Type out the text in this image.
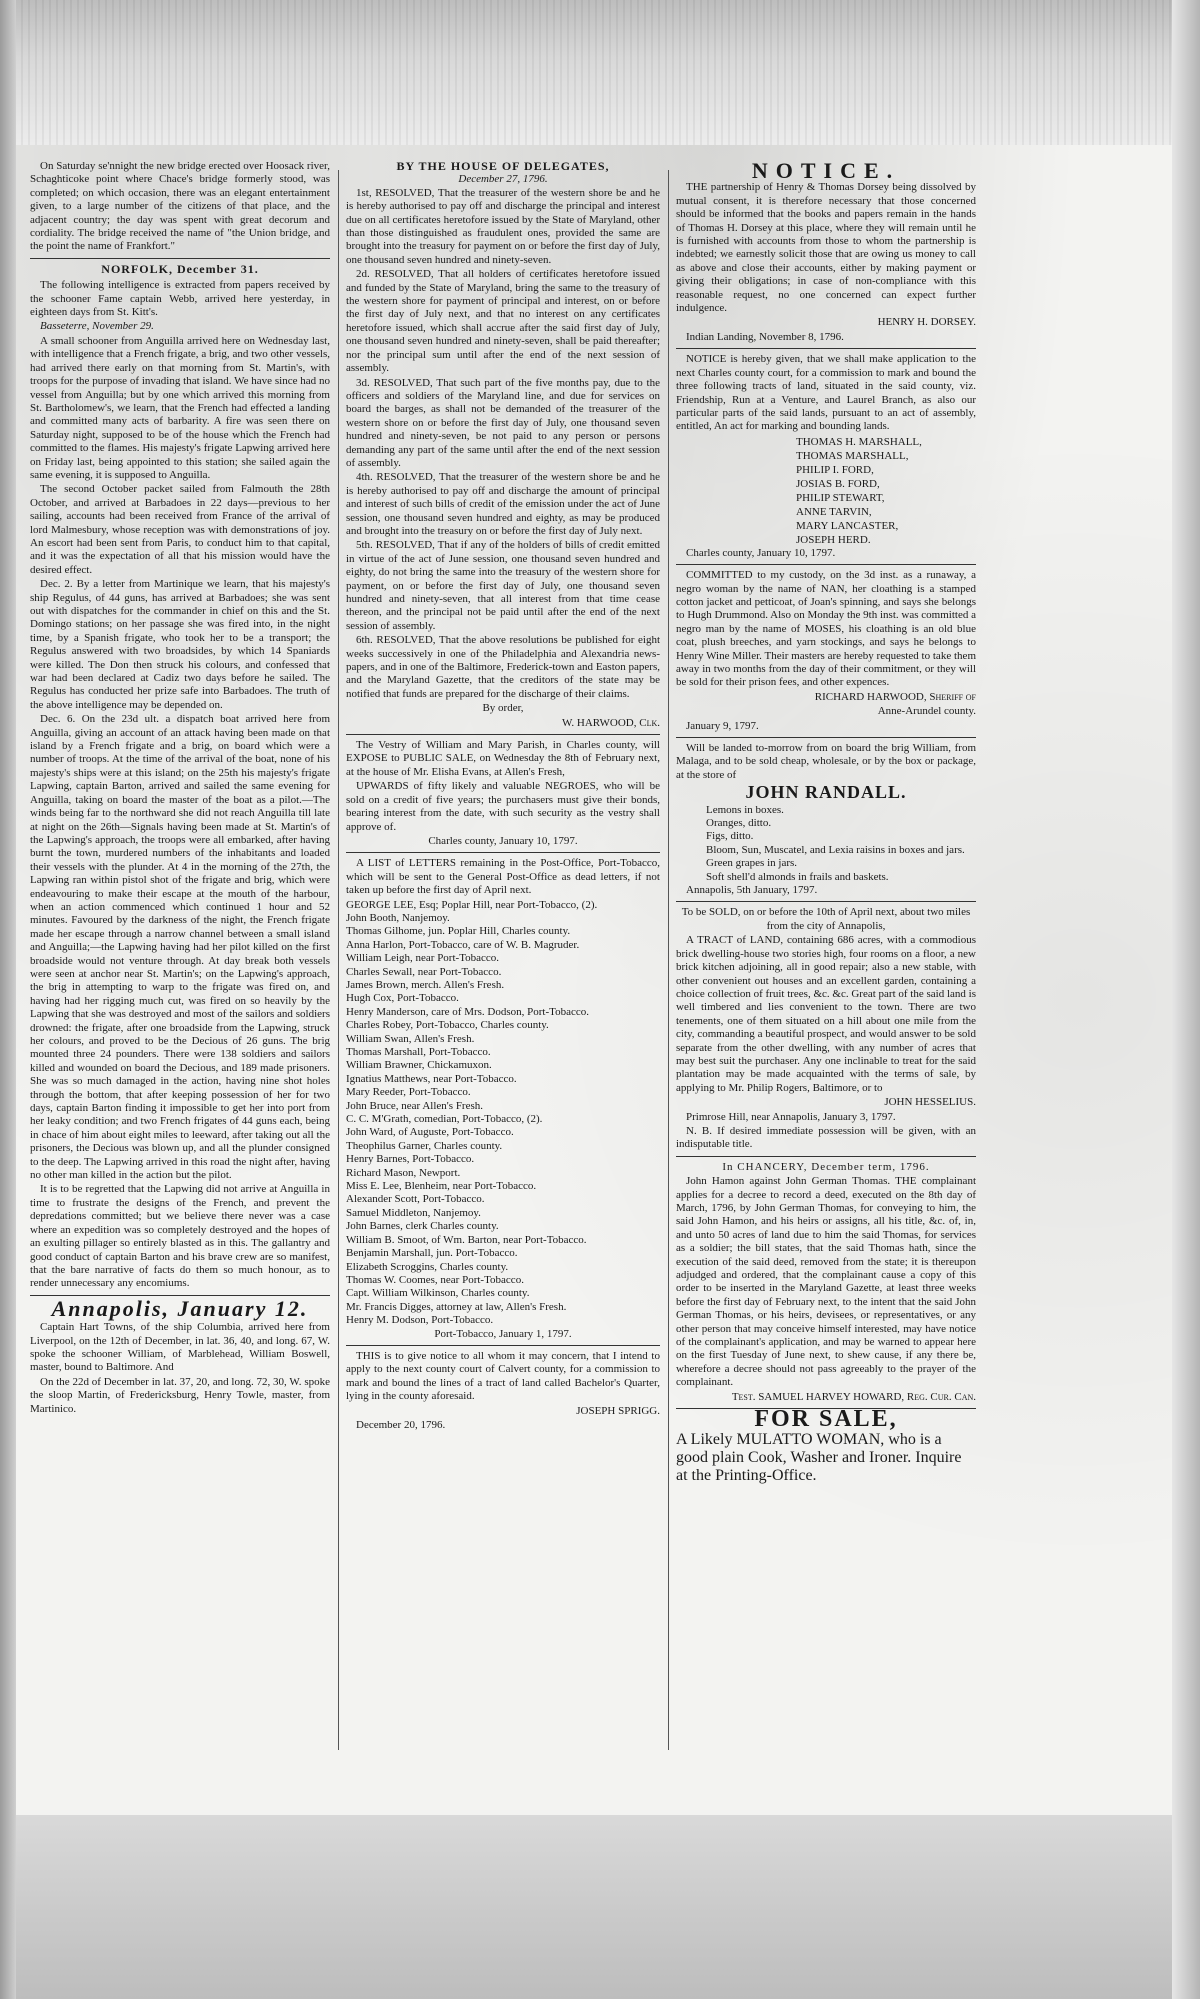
On Saturday se'nnight the new bridge erected over Hoosack river, Schaghticoke point where Chace's bridge formerly stood, was completed; on which occasion, there was an elegant entertainment given, to a large number of the citizens of that place, and the adjacent country; the day was spent with great decorum and cordiality. The bridge received the name of "the Union bridge, and the point the name of Frankfort."

NORFOLK, December 31.

The following intelligence is extracted from papers received by the schooner Fame captain Webb, arrived here yesterday, in eighteen days from St. Kitt's.

Basseterre, November 29.

A small schooner from Anguilla arrived here on Wednesday last, with intelligence that a French frigate, a brig, and two other vessels, had arrived there early on that morning from St. Martin's, with troops for the purpose of invading that island. We have since had no vessel from Anguilla; but by one which arrived this morning from St. Bartholomew's, we learn, that the French had effected a landing and committed many acts of barbarity. A fire was seen there on Saturday night, supposed to be of the house which the French had committed to the flames. His majesty's frigate Lapwing arrived here on Friday last, being appointed to this station; she sailed again the same evening, it is supposed to Anguilla.

The second October packet sailed from Falmouth the 28th October, and arrived at Barbadoes in 22 days—previous to her sailing, accounts had been received from France of the arrival of lord Malmesbury, whose reception was with demonstrations of joy. An escort had been sent from Paris, to conduct him to that capital, and it was the expectation of all that his mission would have the desired effect.

Dec. 2. By a letter from Martinique we learn, that his majesty's ship Regulus, of 44 guns, has arrived at Barbadoes; she was sent out with dispatches for the commander in chief on this and the St. Domingo stations; on her passage she was fired into, in the night time, by a Spanish frigate, who took her to be a transport; the Regulus answered with two broadsides, by which 14 Spaniards were killed. The Don then struck his colours, and confessed that war had been declared at Cadiz two days before he sailed. The Regulus has conducted her prize safe into Barbadoes. The truth of the above intelligence may be depended on.

Dec. 6. On the 23d ult. a dispatch boat arrived here from Anguilla, giving an account of an attack having been made on that island by a French frigate and a brig, on board which were a number of troops. At the time of the arrival of the boat, none of his majesty's ships were at this island; on the 25th his majesty's frigate Lapwing, captain Barton, arrived and sailed the same evening for Anguilla, taking on board the master of the boat as a pilot.—The winds being far to the northward she did not reach Anguilla till late at night on the 26th—Signals having been made at St. Martin's of the Lapwing's approach, the troops were all embarked, after having burnt the town, murdered numbers of the inhabitants and loaded their vessels with the plunder. At 4 in the morning of the 27th, the Lapwing ran within pistol shot of the frigate and brig, which were endeavouring to make their escape at the mouth of the harbour, when an action commenced which continued 1 hour and 52 minutes. Favoured by the darkness of the night, the French frigate made her escape through a narrow channel between a small island and Anguilla;—the Lapwing having had her pilot killed on the first broadside would not venture through. At day break both vessels were seen at anchor near St. Martin's; on the Lapwing's approach, the brig in attempting to warp to the frigate was fired on, and having had her rigging much cut, was fired on so heavily by the Lapwing that she was destroyed and most of the sailors and soldiers drowned: the frigate, after one broadside from the Lapwing, struck her colours, and proved to be the Decious of 26 guns. The brig mounted three 24 pounders. There were 138 soldiers and sailors killed and wounded on board the Decious, and 189 made prisoners. She was so much damaged in the action, having nine shot holes through the bottom, that after keeping possession of her for two days, captain Barton finding it impossible to get her into port from her leaky condition; and two French frigates of 44 guns each, being in chace of him about eight miles to leeward, after taking out all the prisoners, the Decious was blown up, and all the plunder consigned to the deep. The Lapwing arrived in this road the night after, having no other man killed in the action but the pilot.

It is to be regretted that the Lapwing did not arrive at Anguilla in time to frustrate the designs of the French, and prevent the depredations committed; but we believe there never was a case where an expedition was so completely destroyed and the hopes of an exulting pillager so entirely blasted as in this. The gallantry and good conduct of captain Barton and his brave crew are so manifest, that the bare narrative of facts do them so much honour, as to render unnecessary any encomiums.

Annapolis, January 12.

Captain Hart Towns, of the ship Columbia, arrived here from Liverpool, on the 12th of December, in lat. 36, 40, and long. 67, W. spoke the schooner William, of Marblehead, William Boswell, master, bound to Baltimore. And

On the 22d of December in lat. 37, 20, and long. 72, 30, W. spoke the sloop Martin, of Fredericksburg, Henry Towle, master, from Martinico.

BY THE HOUSE OF DELEGATES,
December 27, 1796.

1st, RESOLVED, That the treasurer of the western shore be and he is hereby authorised to pay off and discharge the principal and interest due on all certificates heretofore issued by the State of Maryland, other than those distinguished as fraudulent ones, provided the same are brought into the treasury for payment on or before the first day of July, one thousand seven hundred and ninety-seven.

2d. RESOLVED, That all holders of certificates heretofore issued and funded by the State of Maryland, bring the same to the treasury of the western shore for payment of principal and interest, on or before the first day of July next, and that no interest on any certificates heretofore issued, which shall accrue after the said first day of July, one thousand seven hundred and ninety-seven, shall be paid thereafter; nor the principal sum until after the end of the next session of assembly.

3d. RESOLVED, That such part of the five months pay, due to the officers and soldiers of the Maryland line, and due for services on board the barges, as shall not be demanded of the treasurer of the western shore on or before the first day of July, one thousand seven hundred and ninety-seven, be not paid to any person or persons demanding any part of the same until after the end of the next session of assembly.

4th. RESOLVED, That the treasurer of the western shore be and he is hereby authorised to pay off and discharge the amount of principal and interest of such bills of credit of the emission under the act of June session, one thousand seven hundred and eighty, as may be produced and brought into the treasury on or before the first day of July next.

5th. RESOLVED, That if any of the holders of bills of credit emitted in virtue of the act of June session, one thousand seven hundred and eighty, do not bring the same into the treasury of the western shore for payment, on or before the first day of July, one thousand seven hundred and ninety-seven, that all interest from that time cease thereon, and the principal not be paid until after the end of the next session of assembly.

6th. RESOLVED, That the above resolutions be published for eight weeks successively in one of the Philadelphia and Alexandria news-papers, and in one of the Baltimore, Frederick-town and Easton papers, and the Maryland Gazette, that the creditors of the state may be notified that funds are prepared for the discharge of their claims.

By order,

W. HARWOOD, Clk.

The Vestry of William and Mary Parish, in Charles county, will EXPOSE to PUBLIC SALE, on Wednesday the 8th of February next, at the house of Mr. Elisha Evans, at Allen's Fresh,

UPWARDS of fifty likely and valuable NEGROES, who will be sold on a credit of five years; the purchasers must give their bonds, bearing interest from the date, with such security as the vestry shall approve of.

Charles county, January 10, 1797.

A LIST of LETTERS remaining in the Post-Office, Port-Tobacco, which will be sent to the General Post-Office as dead letters, if not taken up before the first day of April next.

GEORGE LEE, Esq; Poplar Hill, near Port-Tobacco, (2).
John Booth, Nanjemoy.
Thomas Gilhome, jun. Poplar Hill, Charles county.
Anna Harlon, Port-Tobacco, care of W. B. Magruder.
William Leigh, near Port-Tobacco.
Charles Sewall, near Port-Tobacco.
James Brown, merch. Allen's Fresh.
Hugh Cox, Port-Tobacco.
Henry Manderson, care of Mrs. Dodson, Port-Tobacco.
Charles Robey, Port-Tobacco, Charles county.
William Swan, Allen's Fresh.
Thomas Marshall, Port-Tobacco.
William Brawner, Chickamuxon.
Ignatius Matthews, near Port-Tobacco.
Mary Reeder, Port-Tobacco.
John Bruce, near Allen's Fresh.
C. C. M'Grath, comedian, Port-Tobacco, (2).
John Ward, of Auguste, Port-Tobacco.
Theophilus Garner, Charles county.
Henry Barnes, Port-Tobacco.
Richard Mason, Newport.
Miss E. Lee, Blenheim, near Port-Tobacco.
Alexander Scott, Port-Tobacco.
Samuel Middleton, Nanjemoy.
John Barnes, clerk Charles county.
William B. Smoot, of Wm. Barton, near Port-Tobacco.
Benjamin Marshall, jun. Port-Tobacco.
Elizabeth Scroggins, Charles county.
Thomas W. Coomes, near Port-Tobacco.
Capt. William Wilkinson, Charles county.
Mr. Francis Digges, attorney at law, Allen's Fresh.
Henry M. Dodson, Port-Tobacco.

Port-Tobacco, January 1, 1797.

THIS is to give notice to all whom it may concern, that I intend to apply to the next county court of Calvert county, for a commission to mark and bound the lines of a tract of land called Bachelor's Quarter, lying in the county aforesaid.

JOSEPH SPRIGG.

December 20, 1796.

NOTICE.

THE partnership of Henry & Thomas Dorsey being dissolved by mutual consent, it is therefore necessary that those concerned should be informed that the books and papers remain in the hands of Thomas H. Dorsey at this place, where they will remain until he is furnished with accounts from those to whom the partnership is indebted; we earnestly solicit those that are owing us money to call as above and close their accounts, either by making payment or giving their obligations; in case of non-compliance with this reasonable request, no one concerned can expect further indulgence.

HENRY H. DORSEY.

Indian Landing, November 8, 1796.

NOTICE is hereby given, that we shall make application to the next Charles county court, for a commission to mark and bound the three following tracts of land, situated in the said county, viz. Friendship, Run at a Venture, and Laurel Branch, as also our particular parts of the said lands, pursuant to an act of assembly, entitled, An act for marking and bounding lands.

THOMAS H. MARSHALL,
THOMAS MARSHALL,
PHILIP I. FORD,
JOSIAS B. FORD,
PHILIP STEWART,
ANNE TARVIN,
MARY LANCASTER,
JOSEPH HERD.

Charles county, January 10, 1797.

COMMITTED to my custody, on the 3d inst. as a runaway, a negro woman by the name of NAN, her cloathing is a stamped cotton jacket and petticoat, of Joan's spinning, and says she belongs to Hugh Drummond. Also on Monday the 9th inst. was committed a negro man by the name of MOSES, his cloathing is an old blue coat, plush breeches, and yarn stockings, and says he belongs to Henry Wine Miller. Their masters are hereby requested to take them away in two months from the day of their commitment, or they will be sold for their prison fees, and other expences.

RICHARD HARWOOD, Sheriff of

Anne-Arundel county.

January 9, 1797.

Will be landed to-morrow from on board the brig William, from Malaga, and to be sold cheap, wholesale, or by the box or package, at the store of

JOHN RANDALL.
Lemons in boxes.
Oranges, ditto.
Figs, ditto.
Bloom, Sun, Muscatel, and Lexia raisins in boxes and jars.
Green grapes in jars.
Soft shell'd almonds in frails and baskets.

Annapolis, 5th January, 1797.

To be SOLD, on or before the 10th of April next, about two miles from the city of Annapolis,

A TRACT of LAND, containing 686 acres, with a commodious brick dwelling-house two stories high, four rooms on a floor, a new brick kitchen adjoining, all in good repair; also a new stable, with other convenient out houses and an excellent garden, containing a choice collection of fruit trees, &c. &c. Great part of the said land is well timbered and lies convenient to the town. There are two tenements, one of them situated on a hill about one mile from the city, commanding a beautiful prospect, and would answer to be sold separate from the other dwelling, with any number of acres that may best suit the purchaser. Any one inclinable to treat for the said plantation may be made acquainted with the terms of sale, by applying to Mr. Philip Rogers, Baltimore, or to

JOHN HESSELIUS.

Primrose Hill, near Annapolis, January 3, 1797.

N. B. If desired immediate possession will be given, with an indisputable title.

In CHANCERY, December term, 1796.

John Hamon against John German Thomas. THE complainant applies for a decree to record a deed, executed on the 8th day of March, 1796, by John German Thomas, for conveying to him, the said John Hamon, and his heirs or assigns, all his title, &c. of, in, and unto 50 acres of land due to him the said Thomas, for services as a soldier; the bill states, that the said Thomas hath, since the execution of the said deed, removed from the state; it is thereupon adjudged and ordered, that the complainant cause a copy of this order to be inserted in the Maryland Gazette, at least three weeks before the first day of February next, to the intent that the said John German Thomas, or his heirs, devisees, or representatives, or any other person that may conceive himself interested, may have notice of the complainant's application, and may be warned to appear here on the first Tuesday of June next, to shew cause, if any there be, wherefore a decree should not pass agreeably to the prayer of the complainant.

Test. SAMUEL HARVEY HOWARD, Reg. Cur. Can.

FOR SALE,

A Likely MULATTO WOMAN, who is a good plain Cook, Washer and Ironer. Inquire at the Printing-Office.
